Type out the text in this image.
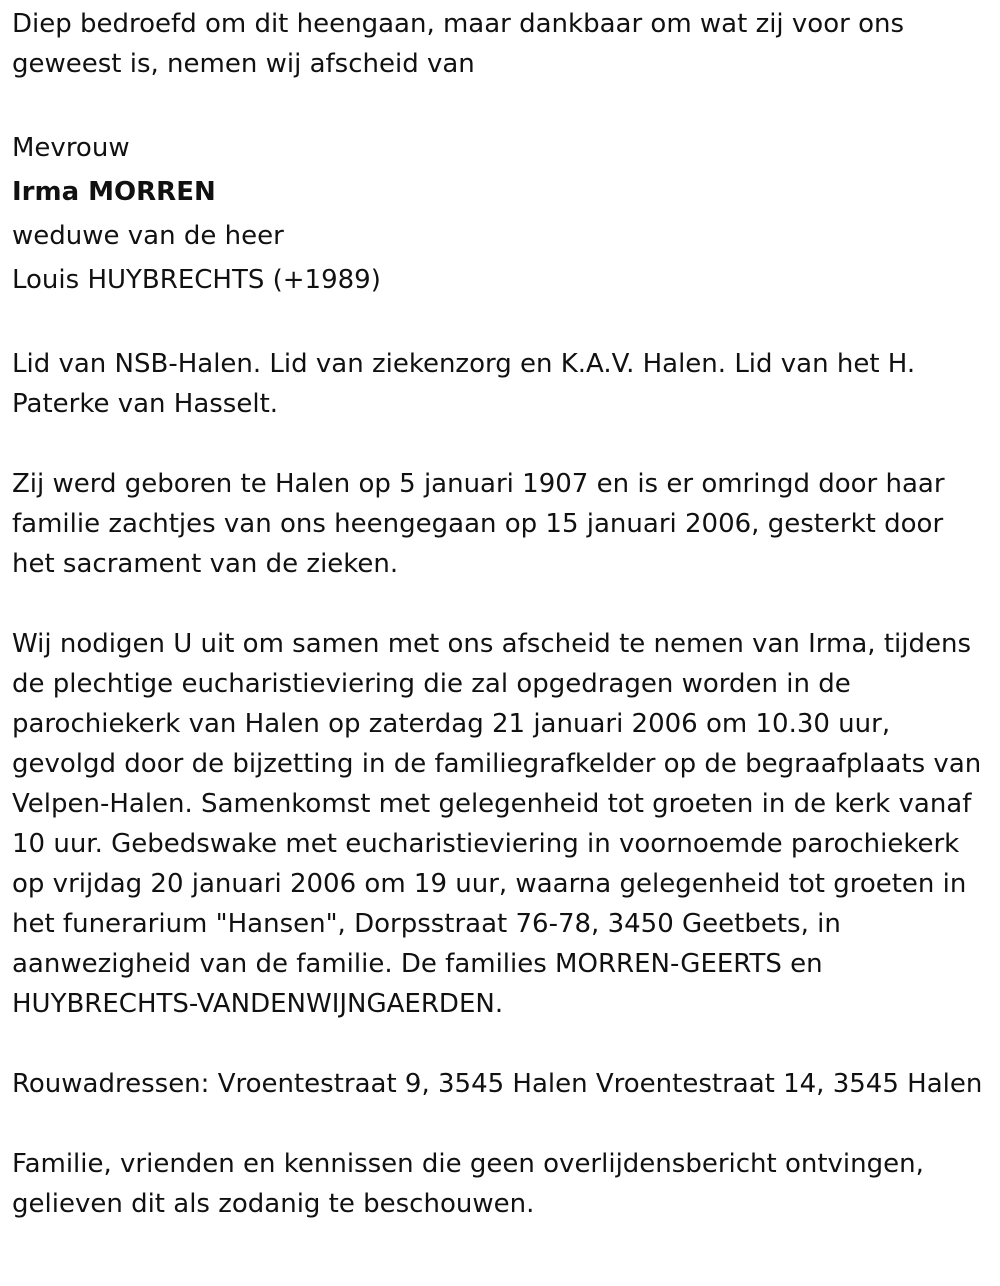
Diep bedroefd om dit heengaan, maar dankbaar om wat zij voor ons geweest is, nemen wij afscheid van

Mevrouw

Irma MORREN

weduwe van de heer

Louis HUYBRECHTS (+1989)

Lid van NSB-Halen. Lid van ziekenzorg en K.A.V. Halen. Lid van het H. Paterke van Hasselt.

Zij werd geboren te Halen op 5 januari 1907 en is er omringd door haar familie zachtjes van ons heengegaan op 15 januari 2006, gesterkt door het sacrament van de zieken.

Wij nodigen U uit om samen met ons afscheid te nemen van Irma, tijdens de plechtige eucharistieviering die zal opgedragen worden in de parochiekerk van Halen op zaterdag 21 januari 2006 om 10.30 uur, gevolgd door de bijzetting in de familiegrafkelder op de begraafplaats van Velpen-Halen. Samenkomst met gelegenheid tot groeten in de kerk vanaf 10 uur. Gebedswake met eucharistieviering in voornoemde parochiekerk op vrijdag 20 januari 2006 om 19 uur, waarna gelegenheid tot groeten in het funerarium "Hansen", Dorpsstraat 76-78, 3450 Geetbets, in aanwezigheid van de familie. De families MORREN-GEERTS en HUYBRECHTS-VANDENWIJNGAERDEN.

Rouwadressen: Vroentestraat 9, 3545 Halen Vroentestraat 14, 3545 Halen

Familie, vrienden en kennissen die geen overlijdensbericht ontvingen, gelieven dit als zodanig te beschouwen.
